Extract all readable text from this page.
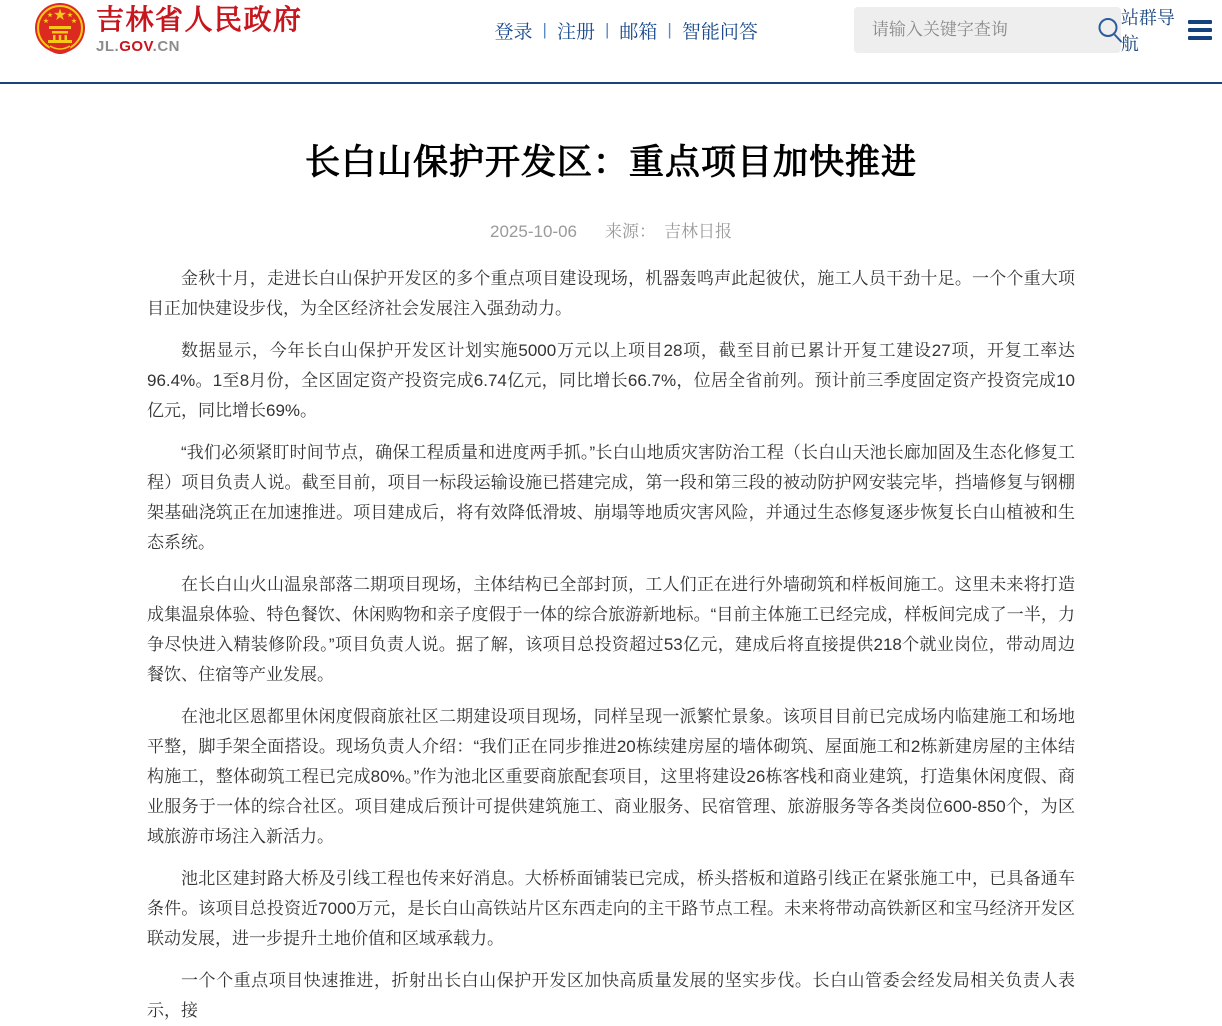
★
★ ★
★	★ 吉林省人民政府
JL.GOV.CN
登录 | 注册 | 邮箱 | 智能问答
请输入关键字查询
站群导航
长白山保护开发区：重点项目加快推进
2025-10-06 来源： 吉林日报

金秋十月，走进长白山保护开发区的多个重点项目建设现场，机器轰鸣声此起彼伏，施工人员干劲十足。一个个重大项目正加快建设步伐，为全区经济社会发展注入强劲动力。

数据显示，今年长白山保护开发区计划实施5000万元以上项目28项，截至目前已累计开复工建设27项，开复工率达96.4%。1至8月份，全区固定资产投资完成6.74亿元，同比增长66.7%，位居全省前列。预计前三季度固定资产投资完成10亿元，同比增长69%。

“我们必须紧盯时间节点，确保工程质量和进度两手抓。”长白山地质灾害防治工程（长白山天池长廊加固及生态化修复工程）项目负责人说。截至目前，项目一标段运输设施已搭建完成，第一段和第三段的被动防护网安装完毕，挡墙修复与钢棚架基础浇筑正在加速推进。项目建成后，将有效降低滑坡、崩塌等地质灾害风险，并通过生态修复逐步恢复长白山植被和生态系统。

在长白山火山温泉部落二期项目现场，主体结构已全部封顶，工人们正在进行外墙砌筑和样板间施工。这里未来将打造成集温泉体验、特色餐饮、休闲购物和亲子度假于一体的综合旅游新地标。“目前主体施工已经完成，样板间完成了一半，力争尽快进入精装修阶段。”项目负责人说。据了解，该项目总投资超过53亿元，建成后将直接提供218个就业岗位，带动周边餐饮、住宿等产业发展。

在池北区恩都里休闲度假商旅社区二期建设项目现场，同样呈现一派繁忙景象。该项目目前已完成场内临建施工和场地平整，脚手架全面搭设。现场负责人介绍：“我们正在同步推进20栋续建房屋的墙体砌筑、屋面施工和2栋新建房屋的主体结构施工，整体砌筑工程已完成80%。”作为池北区重要商旅配套项目，这里将建设26栋客栈和商业建筑，打造集休闲度假、商业服务于一体的综合社区。项目建成后预计可提供建筑施工、商业服务、民宿管理、旅游服务等各类岗位600-850个，为区域旅游市场注入新活力。

池北区建封路大桥及引线工程也传来好消息。大桥桥面铺装已完成，桥头搭板和道路引线正在紧张施工中，已具备通车条件。该项目总投资近7000万元，是长白山高铁站片区东西走向的主干路节点工程。未来将带动高铁新区和宝马经济开发区联动发展，进一步提升土地价值和区域承载力。

一个个重点项目快速推进，折射出长白山保护开发区加快高质量发展的坚实步伐。长白山管委会经发局相关负责人表示，接
